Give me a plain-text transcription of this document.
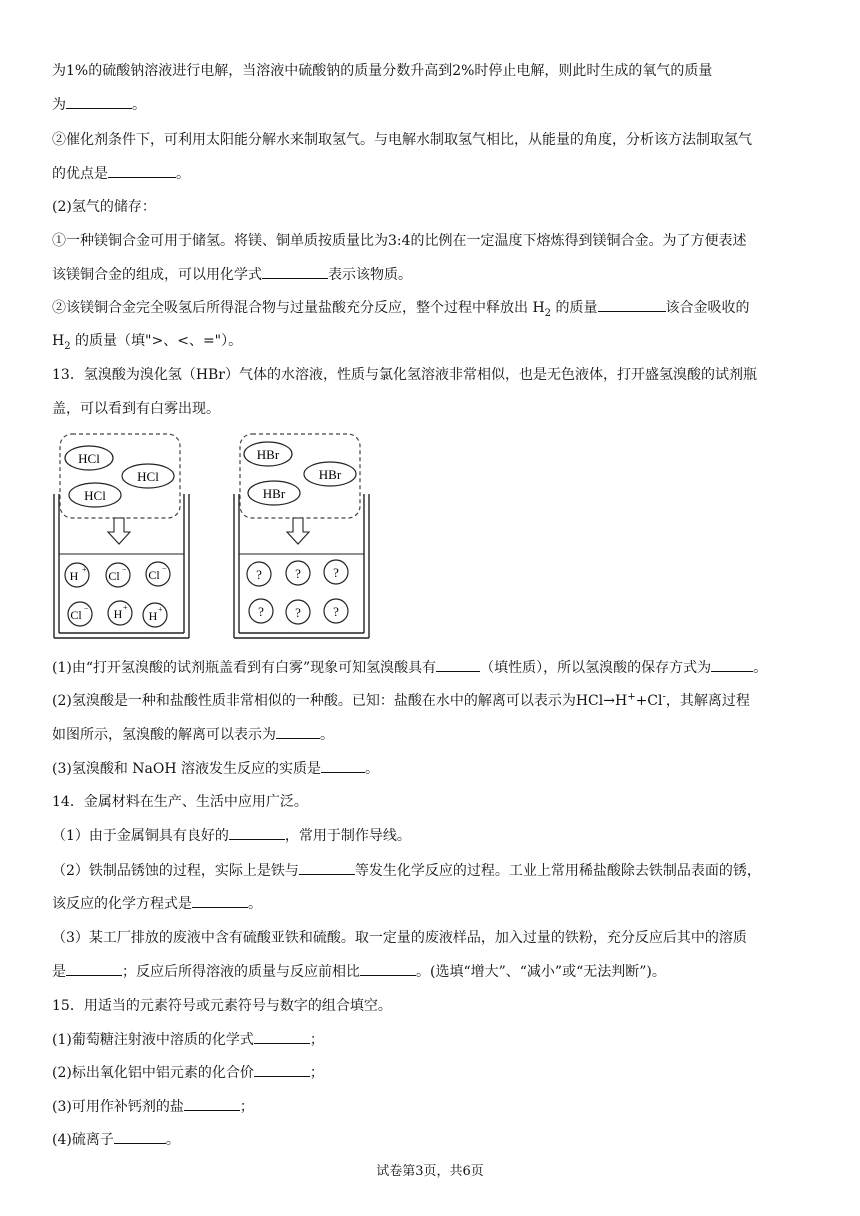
为1%的硫酸钠溶液进行电解，当溶液中硫酸钠的质量分数升高到2%时停止电解，则此时生成的氧气的质量
为	。
②催化剂条件下，可利用太阳能分解水来制取氢气。与电解水制取氢气相比，从能量的角度，分析该方法制取氢气
的优点是	。
(2)氢气的储存：
①一种镁铜合金可用于储氢。将镁、铜单质按质量比为3:4的比例在一定温度下熔炼得到镁铜合金。为了方便表述
该镁铜合金的组成，可以用化学式	表示该物质。
②该镁铜合金完全吸氢后所得混合物与过量盐酸充分反应，整个过程中释放出 $H_2$ 的质量	该合金吸收的
$H_2$ 的质量（填">、<、="）。
13．氢溴酸为溴化氢（HBr）气体的水溶液，性质与氯化氢溶液非常相似，也是无色液体，打开盛氢溴酸的试剂瓶
盖，可以看到有白雾出现。
HCl
HCl
HCl
H + Cl − Cl −
Cl − H +
H +
HBr
HBr
HBr
?	? ?
? ? ?
(1)由“打开氢溴酸的试剂瓶盖看到有白雾”现象可知氢溴酸具有	（填性质），所以氢溴酸的保存方式为	。
(2)氢溴酸是一种和盐酸性质非常相似的一种酸。已知：盐酸在水中的解离可以表示为HCl→H++Cl-，其解离过程
如图所示，氢溴酸的解离可以表示为	。
(3)氢溴酸和 NaOH 溶液发生反应的实质是	。
14．金属材料在生产、生活中应用广泛。
（1）由于金属铜具有良好的	，常用于制作导线。
（2）铁制品锈蚀的过程，实际上是铁与	等发生化学反应的过程。工业上常用稀盐酸除去铁制品表面的锈，
该反应的化学方程式是	。
（3）某工厂排放的废液中含有硫酸亚铁和硫酸。取一定量的废液样品，加入过量的铁粉，充分反应后其中的溶质
是	；反应后所得溶液的质量与反应前相比	。(选填“增大”、“减小”或“无法判断”)。
15．用适当的元素符号或元素符号与数字的组合填空。
(1)葡萄糖注射液中溶质的化学式	；
(2)标出氧化铝中铝元素的化合价	；
(3)可用作补钙剂的盐	；
(4)硫离子	。
试卷第3页，共6页
